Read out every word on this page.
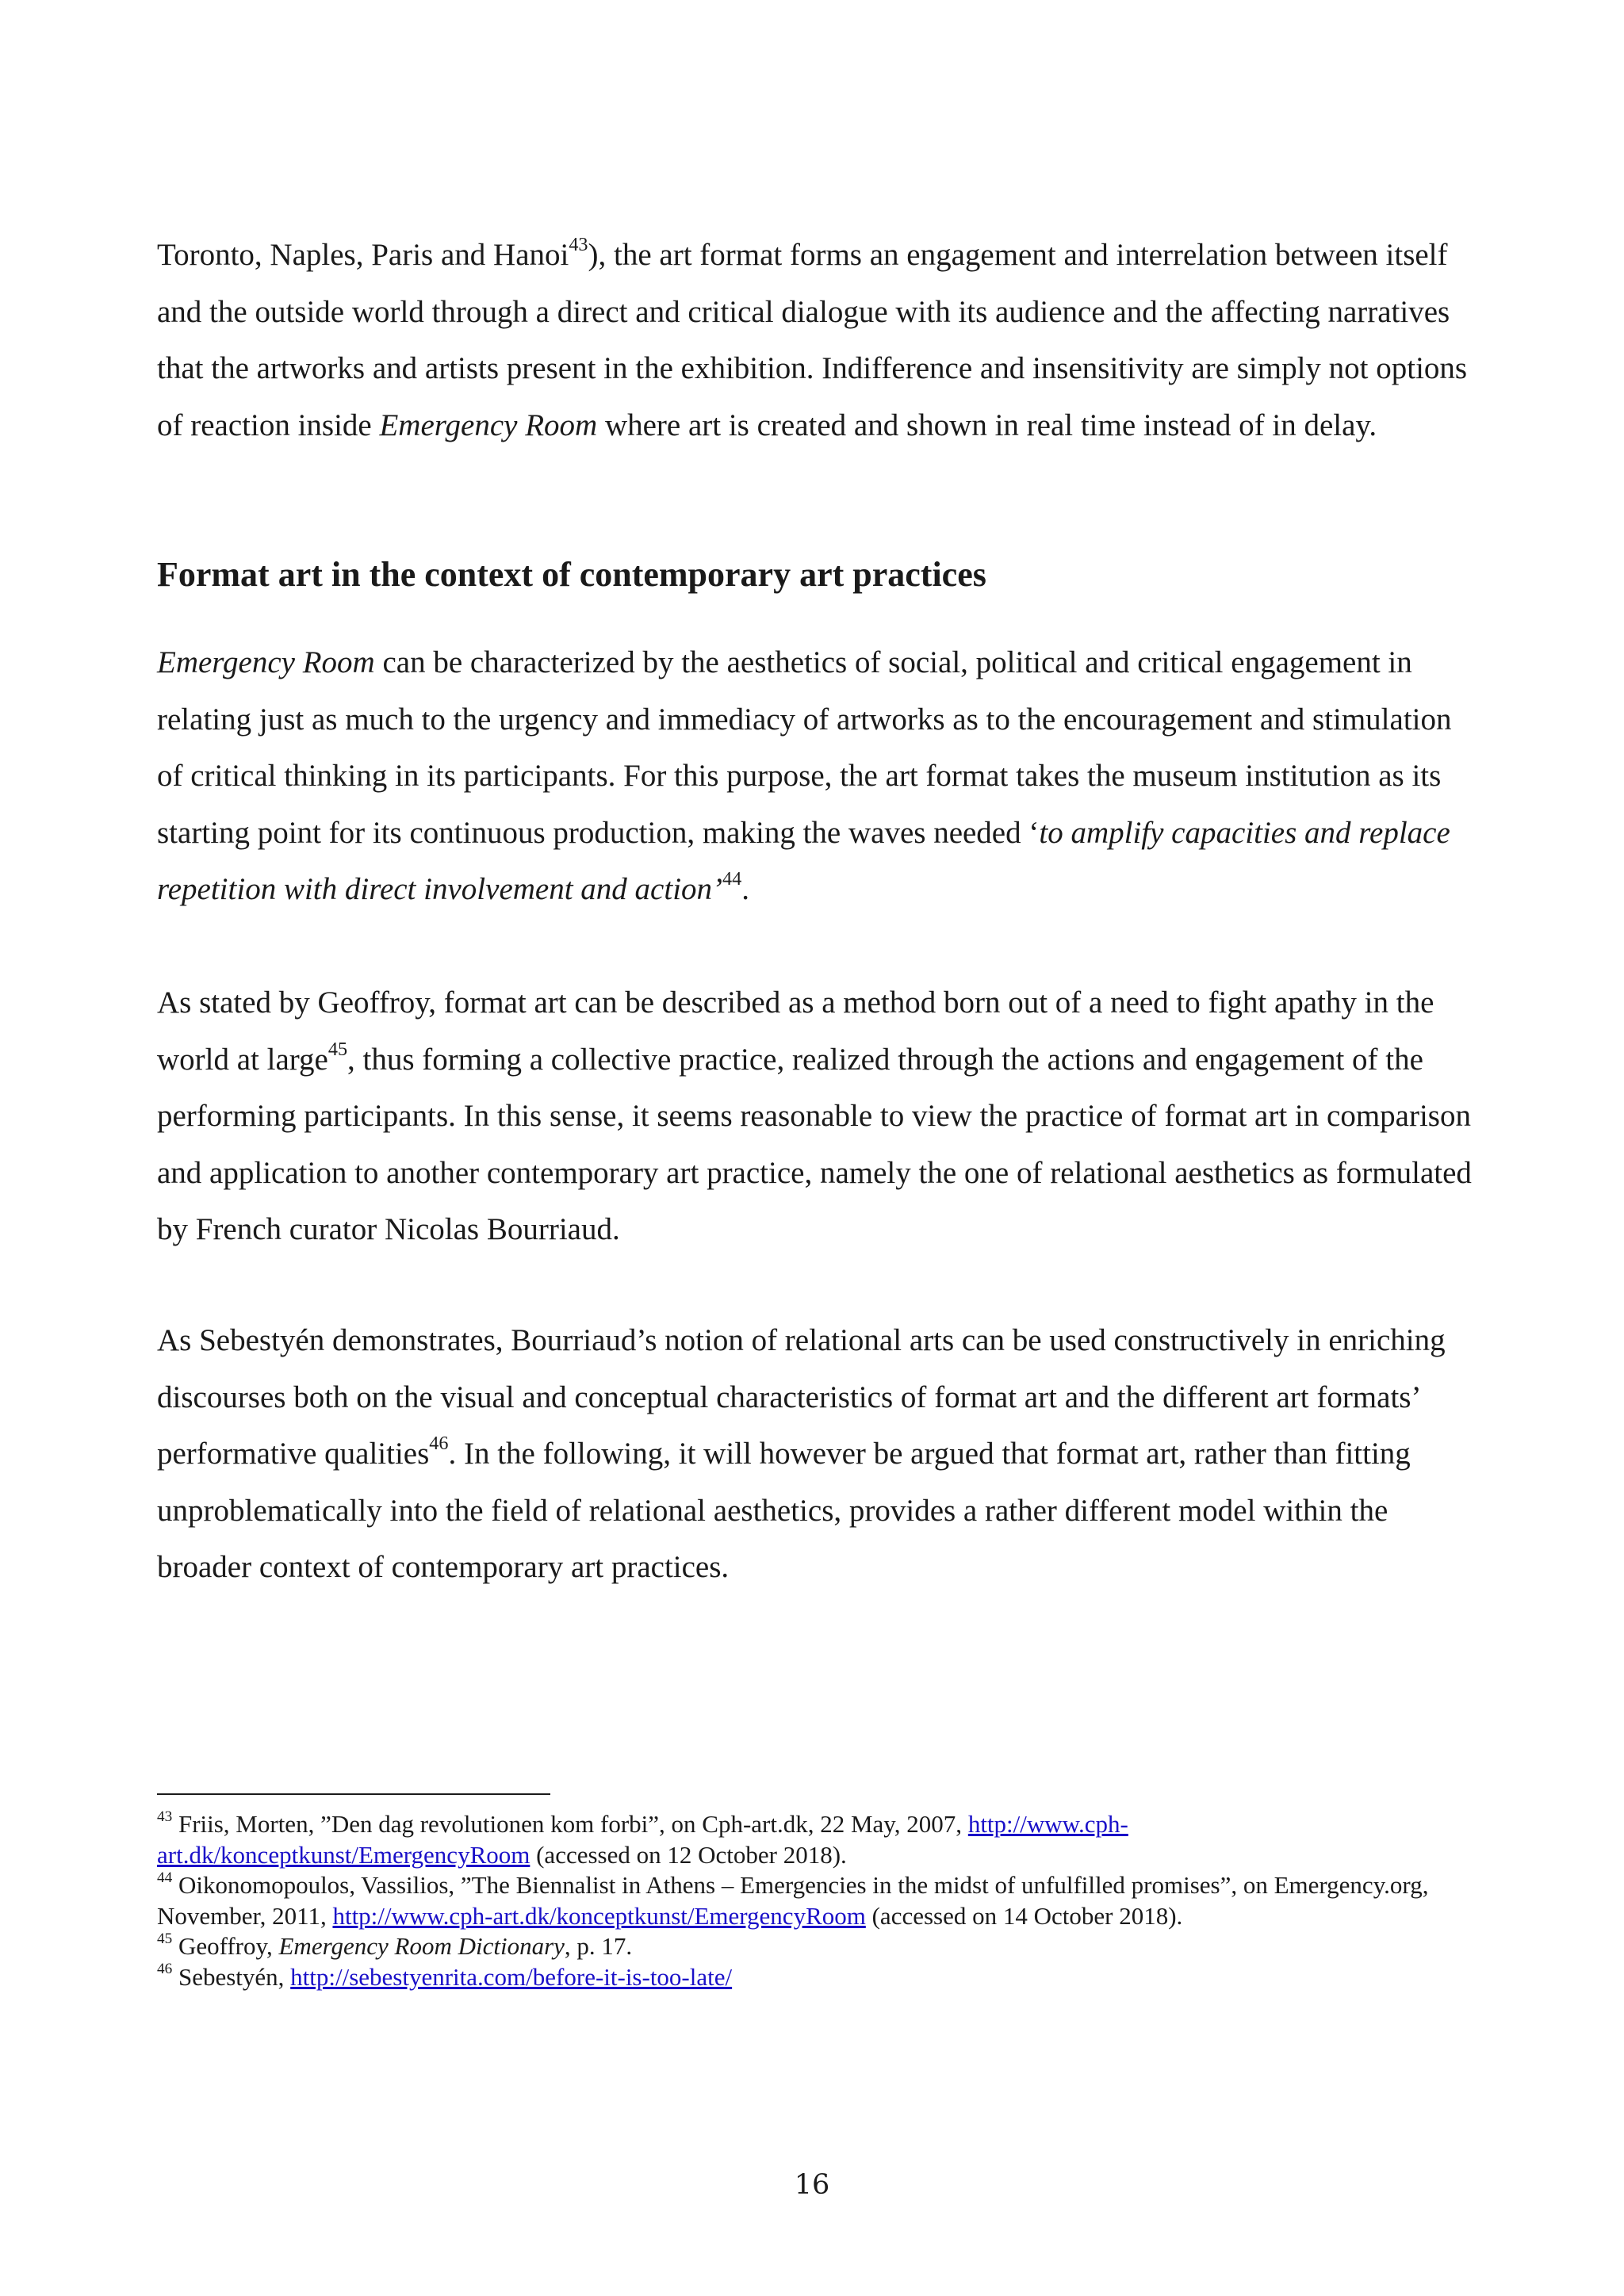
Toronto, Naples, Paris and Hanoi$^{43}$), the art format forms an engagement and interrelation between itself and the outside world through a direct and critical dialogue with its audience and the affecting narratives that the artworks and artists present in the exhibition. Indifference and insensitivity are simply not options of reaction inside Emergency Room where art is created and shown in real time instead of in delay.

Format art in the context of contemporary art practices

Emergency Room can be characterized by the aesthetics of social, political and critical engagement in relating just as much to the urgency and immediacy of artworks as to the encouragement and stimulation of critical thinking in its participants. For this purpose, the art format takes the museum institution as its starting point for its continuous production, making the waves needed ‘to amplify capacities and replace repetition with direct involvement and action’$^{44}$.

As stated by Geoffroy, format art can be described as a method born out of a need to fight apathy in the world at large$^{45}$, thus forming a collective practice, realized through the actions and engagement of the performing participants. In this sense, it seems reasonable to view the practice of format art in comparison and application to another contemporary art practice, namely the one of relational aesthetics as formulated by French curator Nicolas Bourriaud.

As Sebestyén demonstrates, Bourriaud’s notion of relational arts can be used constructively in enriching discourses both on the visual and conceptual characteristics of format art and the different art formats’ performative qualities$^{46}$. In the following, it will however be argued that format art, rather than fitting unproblematically into the field of relational aesthetics, provides a rather different model within the broader context of contemporary art practices.

$^{43}$ Friis, Morten, ”Den dag revolutionen kom forbi”, on Cph-art.dk, 22 May, 2007, http://www.cph-art.dk/konceptkunst/EmergencyRoom (accessed on 12 October 2018).

$^{44}$ Oikonomopoulos, Vassilios, ”The Biennalist in Athens – Emergencies in the midst of unfulfilled promises”, on Emergency.org, November, 2011, http://www.cph-art.dk/konceptkunst/EmergencyRoom (accessed on 14 October 2018).

$^{45}$ Geoffroy, Emergency Room Dictionary, p. 17.

$^{46}$ Sebestyén, http://sebestyenrita.com/before-it-is-too-late/

16
